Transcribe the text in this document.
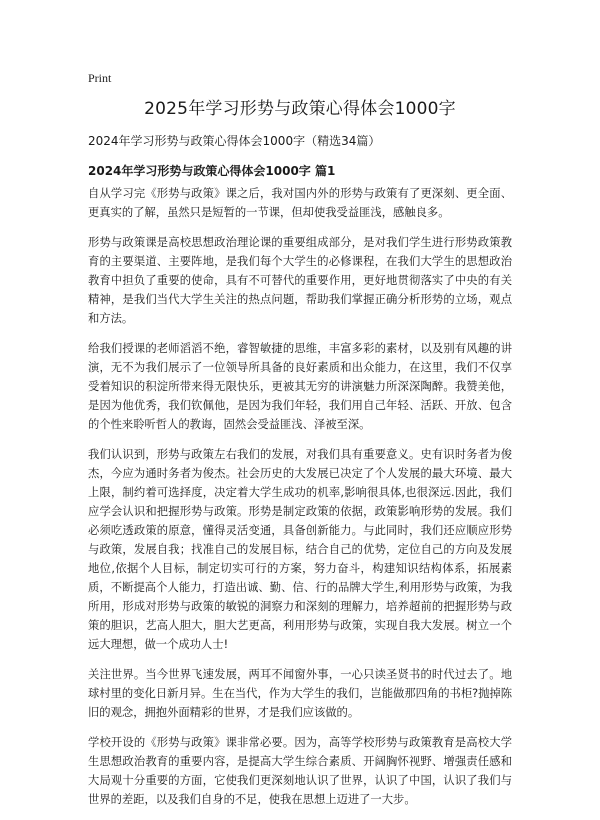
Print
2025年学习形势与政策心得体会1000字
2024年学习形势与政策心得体会1000字（精选34篇）
2024年学习形势与政策心得体会1000字 篇1

自从学习完《形势与政策》课之后，我对国内外的形势与政策有了更深刻、更全面、更真实的了解，虽然只是短暂的一节课，但却使我受益匪浅，感触良多。

形势与政策课是高校思想政治理论课的重要组成部分，是对我们学生进行形势政策教育的主要渠道、主要阵地，是我们每个大学生的必修课程，在我们大学生的思想政治教育中担负了重要的使命，具有不可替代的重要作用，更好地贯彻落实了中央的有关精神，是我们当代大学生关注的热点问题，帮助我们掌握正确分析形势的立场，观点和方法。

给我们授课的老师滔滔不绝，睿智敏捷的思维，丰富多彩的素材，以及别有风趣的讲演，无不为我们展示了一位领导所具备的良好素质和出众能力，在这里，我们不仅享受着知识的积淀所带来得无限快乐，更被其无穷的讲演魅力所深深陶醉。我赞美他，是因为他优秀，我们钦佩他，是因为我们年轻，我们用自己年轻、活跃、开放、包含的个性来聆听哲人的教诲，固然会受益匪浅、泽被至深。

我们认识到，形势与政策左右我们的发展，对我们具有重要意义。史有识时务者为俊杰，今应为通时务者为俊杰。社会历史的大发展已决定了个人发展的最大环境、最大上限，制约着可选择度，决定着大学生成功的机率,影响很具体,也很深远.因此，我们应学会认识和把握形势与政策。形势是制定政策的依据，政策影响形势的发展。我们必须吃透政策的原意，懂得灵活变通，具备创新能力。与此同时，我们还应顺应形势与政策，发展自我；找准自己的发展目标，结合自己的优势，定位自己的方向及发展地位,依据个人目标，制定切实可行的方案，努力奋斗，构建知识结构体系，拓展素质，不断提高个人能力，打造出诚、勤、信、行的品牌大学生,利用形势与政策，为我所用，形成对形势与政策的敏锐的洞察力和深刻的理解力，培养超前的把握形势与政策的胆识，艺高人胆大，胆大艺更高，利用形势与政策，实现自我大发展。树立一个远大理想，做一个成功人士!

关注世界。当今世界飞速发展，两耳不闻窗外事，一心只读圣贤书的时代过去了。地球村里的变化日新月异。生在当代，作为大学生的我们，岂能做那四角的书柜?抛掉陈旧的观念，拥抱外面精彩的世界，才是我们应该做的。

学校开设的《形势与政策》课非常必要。因为，高等学校形势与政策教育是高校大学生思想政治教育的重要内容，是提高大学生综合素质、开阔胸怀视野、增强责任感和大局观十分重要的方面，它使我们更深刻地认识了世界，认识了中国，认识了我们与世界的差距，以及我们自身的不足，使我在思想上迈进了一大步。
